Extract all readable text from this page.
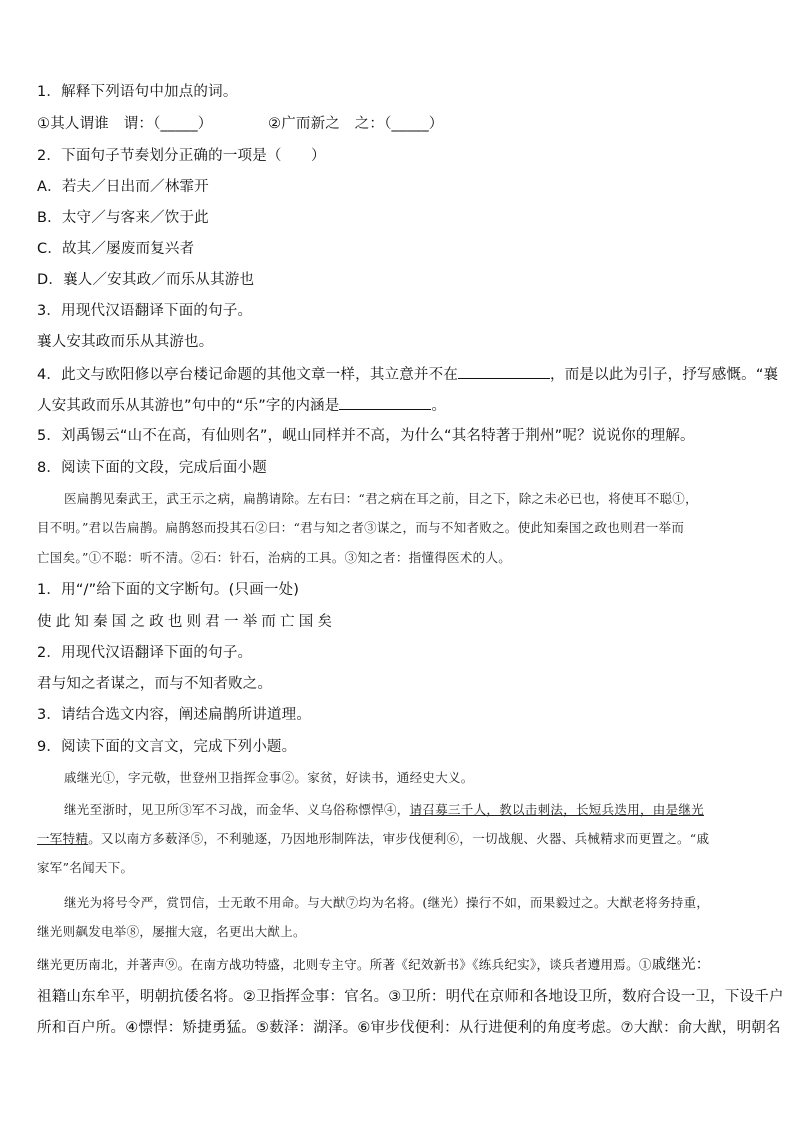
1．解释下列语句中加点的词。
①其人谓谁　谓：（_____）	②广而新之　之：（_____）
2．下面句子节奏划分正确的一项是（　　）
A．若夫／日出而／林霏开
B．太守／与客来／饮于此
C．故其／屡废而复兴者
D．襄人／安其政／而乐从其游也
3．用现代汉语翻译下面的句子。
襄人安其政而乐从其游也。
4．此文与欧阳修以亭台楼记命题的其他文章一样，其立意并不在	，而是以此为引子，抒写感慨。“襄
人安其政而乐从其游也”句中的“乐”字的内涵是	。
5．刘禹锡云“山不在高，有仙则名”，岘山同样并不高，为什么“其名特著于荆州”呢？说说你的理解。
8．阅读下面的文段，完成后面小题
医扁鹊见秦武王，武王示之病，扁鹊请除。左右曰：“君之病在耳之前，目之下，除之未必已也，将使耳不聪①，
目不明。”君以告扁鹊。扁鹊怒而投其石②曰：“君与知之者③谋之，而与不知者败之。使此知秦国之政也则君一举而
亡国矣。”①不聪：听不清。②石：针石，治病的工具。③知之者：指懂得医术的人。
1．用“/”给下面的文字断句。(只画一处)
使此知秦国之政也则君一举而亡国矣
2．用现代汉语翻译下面的句子。
君与知之者谋之，而与不知者败之。
3．请结合选文内容，阐述扁鹊所讲道理。
9．阅读下面的文言文，完成下列小题。
戚继光①，字元敬，世登州卫指挥佥事②。家贫，好读书，通经史大义。
继光至浙时，见卫所③军不习战，而金华、义乌俗称慓悍④，请召募三千人，教以击刺法，长短兵迭用，由是继光
一军特精。又以南方多薮泽⑤，不利驰逐，乃因地形制阵法，审步伐便利⑥，一切战舰、火器、兵械精求而更置之。“戚
家军”名闻天下。
继光为将号令严，赏罚信，士无敢不用命。与大猷⑦均为名将。(继光）操行不如，而果毅过之。大猷老将务持重，
继光则飙发电举⑧，屡摧大寇，名更出大猷上。
继光更历南北，并著声⑨。在南方战功特盛，北则专主守。所著《纪效新书》《练兵纪实》，谈兵者遵用焉。①戚继光：
祖籍山东牟平，明朝抗倭名将。②卫指挥佥事：官名。③卫所：明代在京师和各地设卫所，数府合设一卫，下设千户
所和百户所。④慓悍：矫捷勇猛。⑤薮泽：湖泽。⑥审步伐便利：从行进便利的角度考虑。⑦大猷：俞大猷，明朝名
